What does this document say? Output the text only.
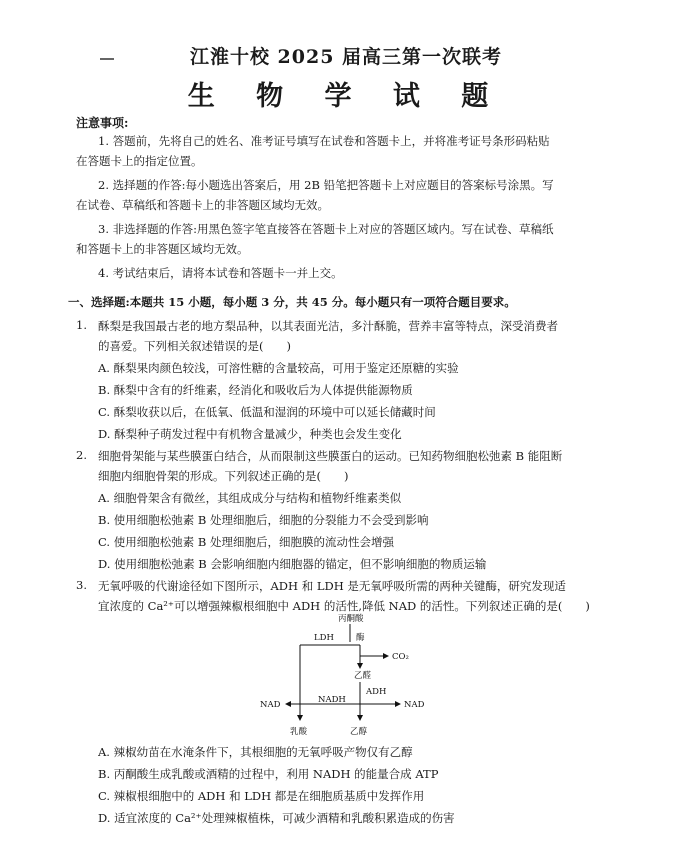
江淮十校 2025 届高三第一次联考
生 物 学 试 题
注意事项:
1. 答题前，先将自己的姓名、准考证号填写在试卷和答题卡上，并将准考证号条形码粘贴
在答题卡上的指定位置。
2. 选择题的作答:每小题选出答案后，用 2B 铅笔把答题卡上对应题目的答案标号涂黑。写
在试卷、草稿纸和答题卡上的非答题区域均无效。
3. 非选择题的作答:用黑色签字笔直接答在答题卡上对应的答题区域内。写在试卷、草稿纸
和答题卡上的非答题区域均无效。
4. 考试结束后，请将本试卷和答题卡一并上交。
一、选择题:本题共 15 小题，每小题 3 分，共 45 分。每小题只有一项符合题目要求。
1. 酥梨是我国最古老的地方梨品种，以其表面光洁，多汁酥脆，营养丰富等特点，深受消费者
的喜爱。下列相关叙述错误的是(　　)
A. 酥梨果肉颜色较浅，可溶性糖的含量较高，可用于鉴定还原糖的实验
B. 酥梨中含有的纤维素，经消化和吸收后为人体提供能源物质
C. 酥梨收获以后，在低氧、低温和湿润的环境中可以延长储藏时间
D. 酥梨种子萌发过程中有机物含量减少，种类也会发生变化
2. 细胞骨架能与某些膜蛋白结合，从而限制这些膜蛋白的运动。已知药物细胞松弛素 B 能阻断
细胞内细胞骨架的形成。下列叙述正确的是(　　)
A. 细胞骨架含有微丝，其组成成分与结构和植物纤维素类似
B. 使用细胞松弛素 B 处理细胞后，细胞的分裂能力不会受到影响
C. 使用细胞松弛素 B 处理细胞后，细胞膜的流动性会增强
D. 使用细胞松弛素 B 会影响细胞内细胞器的锚定，但不影响细胞的物质运输
3. 无氧呼吸的代谢途径如下图所示，ADH 和 LDH 是无氧呼吸所需的两种关键酶，研究发现适
宜浓度的 Ca²⁺可以增强辣椒根细胞中 ADH 的活性,降低 NAD 的活性。下列叙述正确的是(　　)
丙酮酸
LDH	酶
CO₂
乙醛
ADH
NAD	NADH	NAD
乳酸	乙醇
A. 辣椒幼苗在水淹条件下，其根细胞的无氧呼吸产物仅有乙醇
B. 丙酮酸生成乳酸或酒精的过程中，利用 NADH 的能量合成 ATP
C. 辣椒根细胞中的 ADH 和 LDH 都是在细胞质基质中发挥作用
D. 适宜浓度的 Ca²⁺处理辣椒植株，可减少酒精和乳酸积累造成的伤害
